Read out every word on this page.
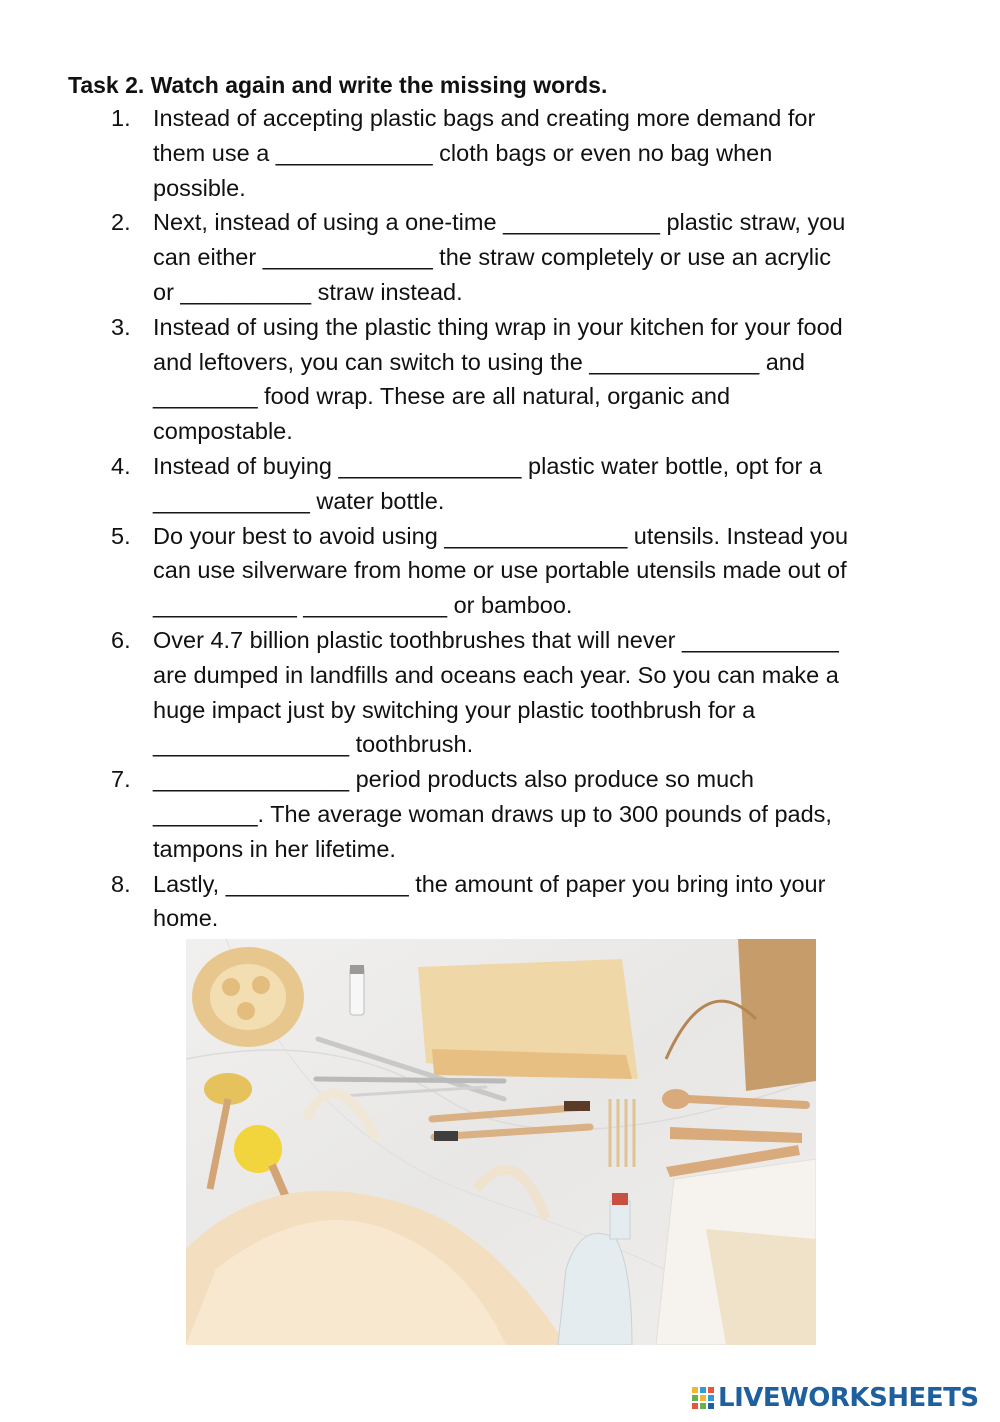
Task 2. Watch again and write the missing words.
1. Instead of accepting plastic bags and creating more demand for
them use a ____________ cloth bags or even no bag when
possible.
2. Next, instead of using a one-time ____________ plastic straw, you
can either _____________ the straw completely or use an acrylic
or __________ straw instead.
3. Instead of using the plastic thing wrap in your kitchen for your food
and leftovers, you can switch to using the _____________ and
________ food wrap. These are all natural, organic and
compostable.
4. Instead of buying ______________ plastic water bottle, opt for a
____________ water bottle.
5. Do your best to avoid using ______________ utensils. Instead you
can use silverware from home or use portable utensils made out of
___________ ___________ or bamboo.
6. Over 4.7 billion plastic toothbrushes that will never ____________
are dumped in landfills and oceans each year. So you can make a
huge impact just by switching your plastic toothbrush for a
_______________ toothbrush.
7. _______________ period products also produce so much
________. The average woman draws up to 300 pounds of pads,
tampons in her lifetime.
8. Lastly, ______________ the amount of paper you bring into your
home.
LIVEWORKSHEETS
